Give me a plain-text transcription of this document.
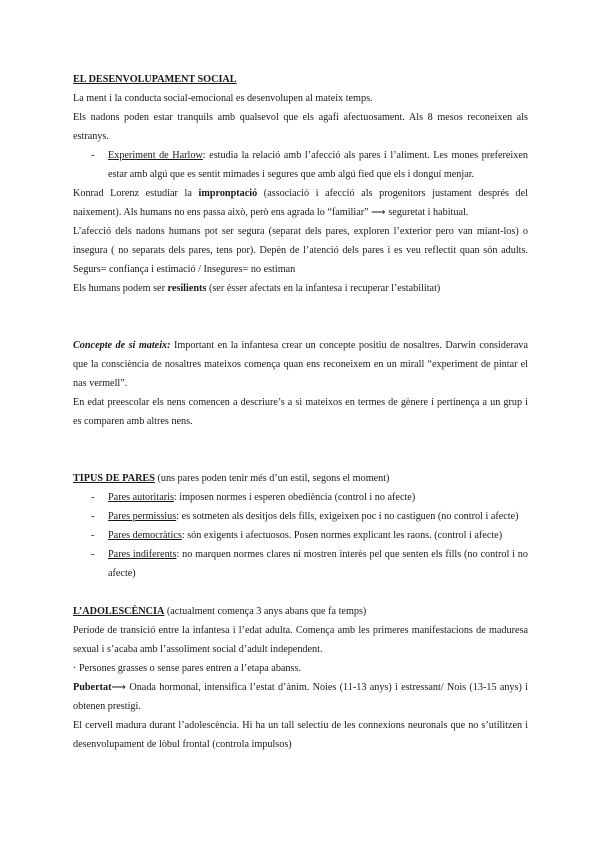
EL DESENVOLUPAMENT SOCIAL

La ment i la conducta social-emocional es desenvolupen al mateix temps.

Els nadons poden estar tranquils amb qualsevol que els agafi afectuosament. Als 8 mesos reconeixen als estranys.

- Experiment de Harlow: estudia la relació amb l’afecció als pares i l’aliment. Les mones prefereixen estar amb algú que es sentit mimades i segures que amb algú fied que els i donguí menjar.

Konrad Lorenz estudiar la impronptació (associació i afecció als progenitors justament després del naixement). Als humans no ens passa això, però ens agrada lo “familiar” ⟶ seguretat i habitual.

L’afecció dels nadons humans pot ser segura (separat dels pares, exploren l’exterior pero van miant-los) o insegura ( no separats dels pares, tens por). Depèn de l’atenció dels pares i es veu reflectit quan són adults. Segurs= confiança i estimació / Insegures= no estiman

Els humans podem ser resilients (ser ésser afectats en la infantesa i recuperar l’estabilitat)

Concepte de si mateix: Important en la infantesa crear un concepte positiu de nosaltres. Darwin considerava que la consciència de nosaltres mateixos comença quan ens reconeixem en un mirall “experiment de pintar el nas vermell”.

En edat preescolar els nens comencen a descriure’s a si mateixos en termes de gènere i pertinença a un grup i es comparen amb altres nens.

TIPUS DE PARES (uns pares poden tenir més d’un estil, segons el moment)

- Pares autoritaris: imposen normes i esperen obediència (control i no afecte)
- Pares permissius: es sotmeten als desitjos dels fills, exigeixen poc i no castiguen (no control i afecte)
- Pares democràtics: són exigents i afectuosos. Posen normes explicant les raons. (control i afecte)
- Pares indiferents: no marquen normes clares ni mostren interès pel que senten els fills (no control i no afecte)

L’ADOLESCÈNCIA (actualment comença 3 anys abans que fa temps)

Període de transició entre la infantesa i l’edat adulta. Comença amb les primeres manifestacions de maduresa sexual i s’acaba amb l’assoliment social d’adult independent.

· Persones grasses o sense pares entren a l’etapa abanss.

Pubertat⟶ Onada hormonal, intensifica l’estat d’ànim. Noies (11-13 anys) i estressant/ Nois (13-15 anys) i obtenen prestigi.

El cervell madura durant l’adolescència. Hi ha un tall selectiu de les connexions neuronals que no s’utilitzen i desenvolupament de lòbul frontal (controla impulsos)
